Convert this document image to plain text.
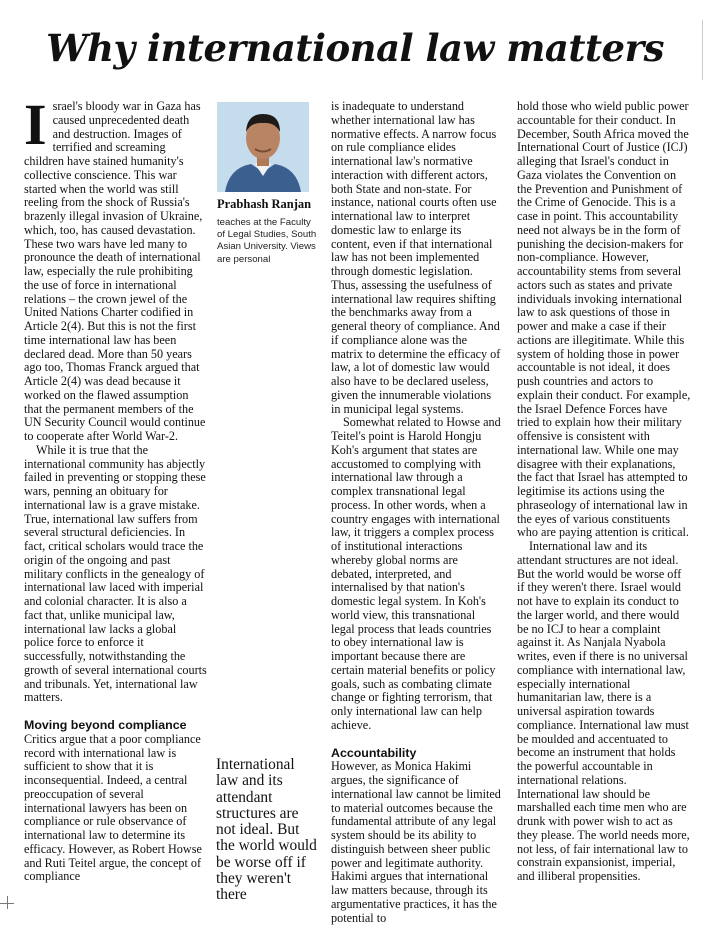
Why international law matters

Israel's bloody war in Gaza has caused unprecedented death and destruction. Images of terrified and screaming children have stained humanity's collective conscience. This war started when the world was still reeling from the shock of Russia's brazenly illegal invasion of Ukraine, which, too, has caused devastation. These two wars have led many to pronounce the death of international law, especially the rule prohibiting the use of force in international relations – the crown jewel of the United Nations Charter codified in Article 2(4). But this is not the first time international law has been declared dead. More than 50 years ago too, Thomas Franck argued that Article 2(4) was dead because it worked on the flawed assumption that the permanent members of the UN Security Council would continue to cooperate after World War-2.

While it is true that the international community has abjectly failed in preventing or stopping these wars, penning an obituary for international law is a grave mistake. True, international law suffers from several structural deficiencies. In fact, critical scholars would trace the origin of the ongoing and past military conflicts in the genealogy of international law laced with imperial and colonial character. It is also a fact that, unlike municipal law, international law lacks a global police force to enforce it successfully, notwithstanding the growth of several international courts and tribunals. Yet, international law matters.

Moving beyond compliance

Critics argue that a poor compliance record with international law is sufficient to show that it is inconsequential. Indeed, a central preoccupation of several international lawyers has been on compliance or rule observance of international law to determine its efficacy. However, as Robert Howse and Ruti Teitel argue, the concept of compliance

Prabhash Ranjan
teaches at the Faculty of Legal Studies, South Asian University. Views are personal
International law and its attendant structures are not ideal. But the world would be worse off if they weren't there

is inadequate to understand whether international law has normative effects. A narrow focus on rule compliance elides international law's normative interaction with different actors, both State and non-state. For instance, national courts often use international law to interpret domestic law to enlarge its content, even if that international law has not been implemented through domestic legislation. Thus, assessing the usefulness of international law requires shifting the benchmarks away from a general theory of compliance. And if compliance alone was the matrix to determine the efficacy of law, a lot of domestic law would also have to be declared useless, given the innumerable violations in municipal legal systems.

Somewhat related to Howse and Teitel's point is Harold Hongju Koh's argument that states are accustomed to complying with international law through a complex transnational legal process. In other words, when a country engages with international law, it triggers a complex process of institutional interactions whereby global norms are debated, interpreted, and internalised by that nation's domestic legal system. In Koh's world view, this transnational legal process that leads countries to obey international law is important because there are certain material benefits or policy goals, such as combating climate change or fighting terrorism, that only international law can help achieve.

Accountability

However, as Monica Hakimi argues, the significance of international law cannot be limited to material outcomes because the fundamental attribute of any legal system should be its ability to distinguish between sheer public power and legitimate authority. Hakimi argues that international law matters because, through its argumentative practices, it has the potential to

hold those who wield public power accountable for their conduct. In December, South Africa moved the International Court of Justice (ICJ) alleging that Israel's conduct in Gaza violates the Convention on the Prevention and Punishment of the Crime of Genocide. This is a case in point. This accountability need not always be in the form of punishing the decision-makers for non-compliance. However, accountability stems from several actors such as states and private individuals invoking international law to ask questions of those in power and make a case if their actions are illegitimate. While this system of holding those in power accountable is not ideal, it does push countries and actors to explain their conduct. For example, the Israel Defence Forces have tried to explain how their military offensive is consistent with international law. While one may disagree with their explanations, the fact that Israel has attempted to legitimise its actions using the phraseology of international law in the eyes of various constituents who are paying attention is critical.

International law and its attendant structures are not ideal. But the world would be worse off if they weren't there. Israel would not have to explain its conduct to the larger world, and there would be no ICJ to hear a complaint against it. As Nanjala Nyabola writes, even if there is no universal compliance with international law, especially international humanitarian law, there is a universal aspiration towards compliance. International law must be moulded and accentuated to become an instrument that holds the powerful accountable in international relations. International law should be marshalled each time men who are drunk with power wish to act as they please. The world needs more, not less, of fair international law to constrain expansionist, imperial, and illiberal propensities.
